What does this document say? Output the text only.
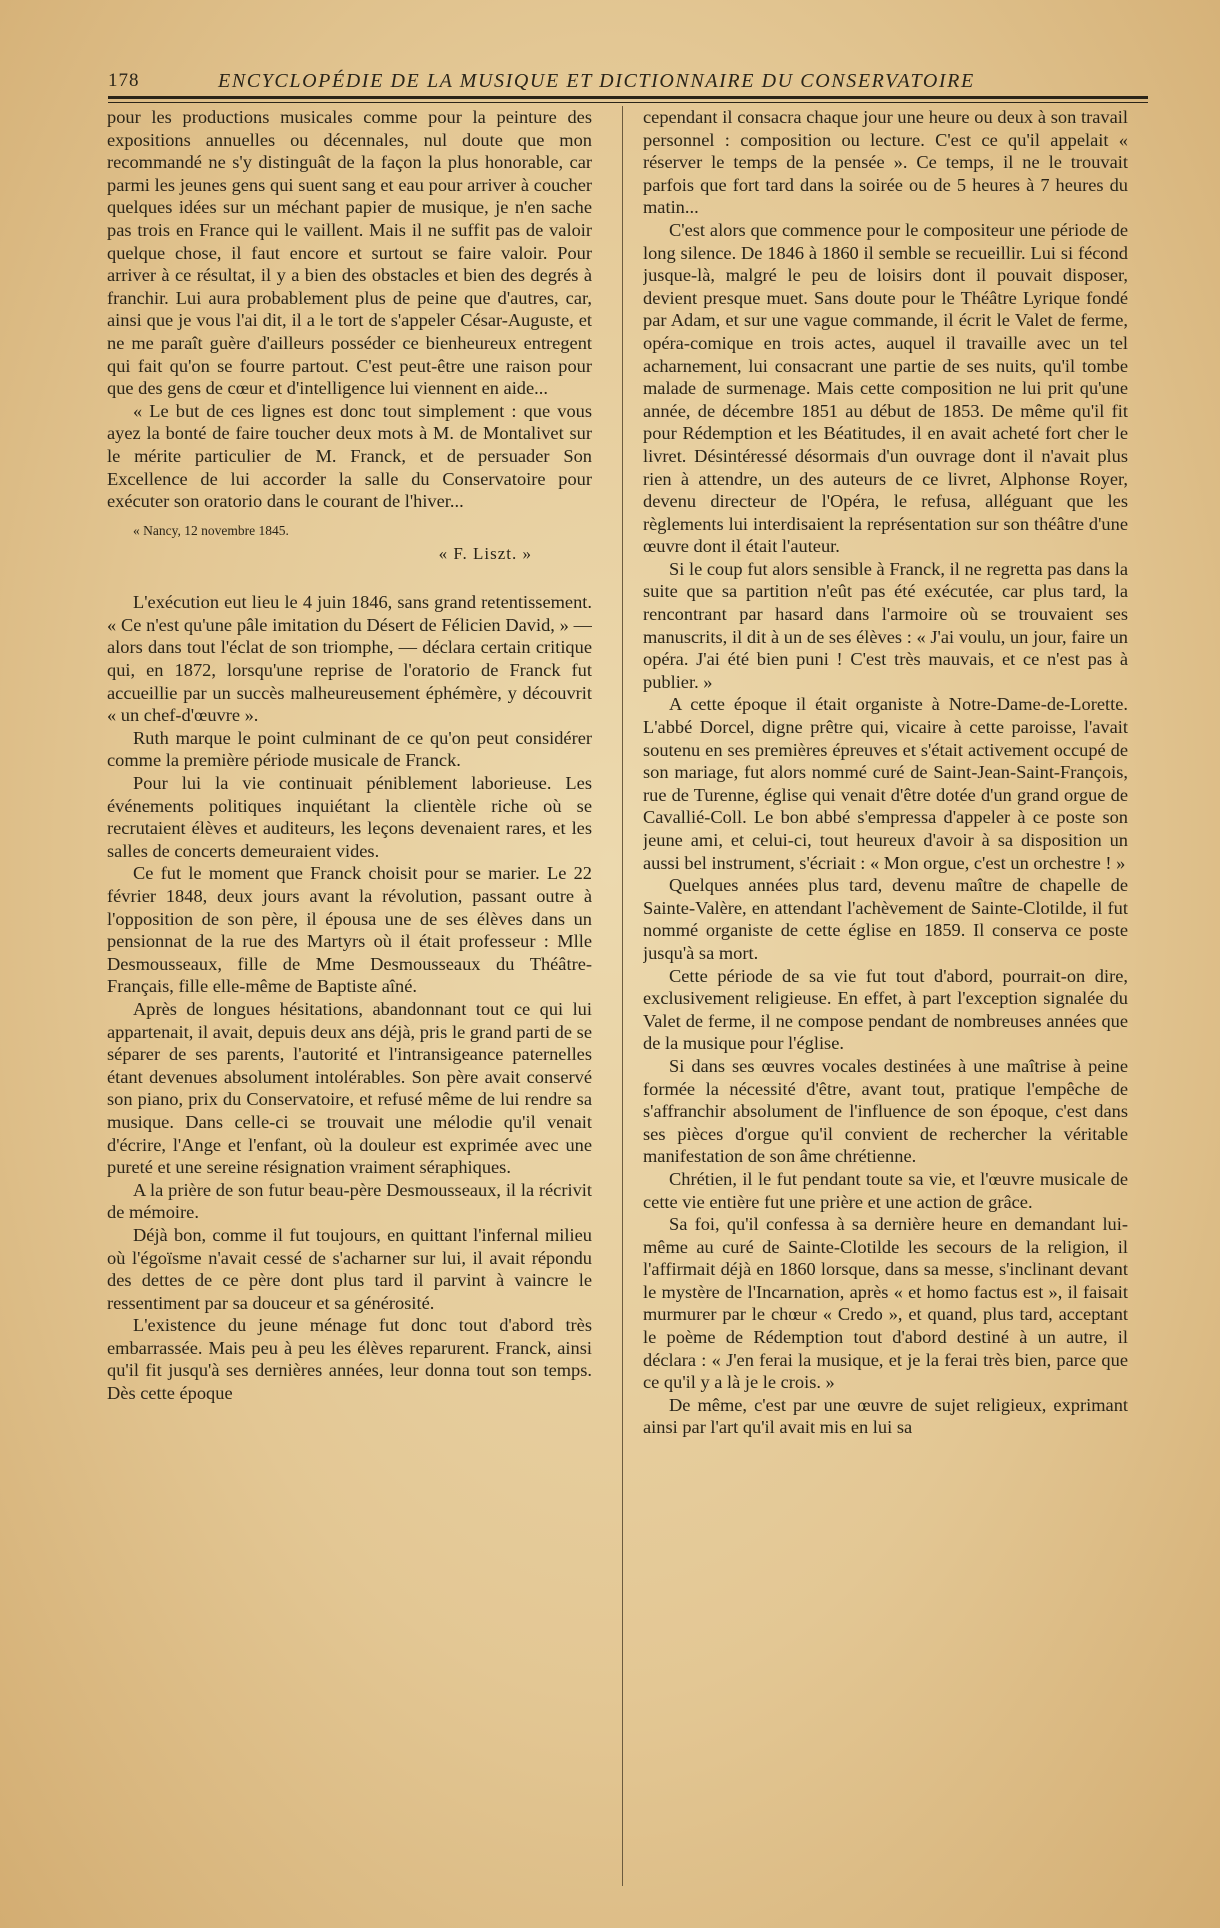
178	ENCYCLOPÉDIE DE LA MUSIQUE ET DICTIONNAIRE DU CONSERVATOIRE

pour les productions musicales comme pour la peinture des expositions annuelles ou décennales, nul doute que mon recommandé ne s'y distinguât de la façon la plus honorable, car parmi les jeunes gens qui suent sang et eau pour arriver à coucher quelques idées sur un méchant papier de musique, je n'en sache pas trois en France qui le vaillent. Mais il ne suffit pas de valoir quelque chose, il faut encore et surtout se faire valoir. Pour arriver à ce résultat, il y a bien des obstacles et bien des degrés à franchir. Lui aura probablement plus de peine que d'autres, car, ainsi que je vous l'ai dit, il a le tort de s'appeler César-Auguste, et ne me paraît guère d'ailleurs posséder ce bienheureux entregent qui fait qu'on se fourre partout. C'est peut-être une raison pour que des gens de cœur et d'intelligence lui viennent en aide...

« Le but de ces lignes est donc tout simplement : que vous ayez la bonté de faire toucher deux mots à M. de Montalivet sur le mérite particulier de M. Franck, et de persuader Son Excellence de lui accorder la salle du Conservatoire pour exécuter son oratorio dans le courant de l'hiver...

« Nancy, 12 novembre 1845.

« F. Liszt. »

L'exécution eut lieu le 4 juin 1846, sans grand retentissement. « Ce n'est qu'une pâle imitation du Désert de Félicien David, » — alors dans tout l'éclat de son triomphe, — déclara certain critique qui, en 1872, lorsqu'une reprise de l'oratorio de Franck fut accueillie par un succès malheureusement éphémère, y découvrit « un chef-d'œuvre ».

Ruth marque le point culminant de ce qu'on peut considérer comme la première période musicale de Franck.

Pour lui la vie continuait péniblement laborieuse. Les événements politiques inquiétant la clientèle riche où se recrutaient élèves et auditeurs, les leçons devenaient rares, et les salles de concerts demeuraient vides.

Ce fut le moment que Franck choisit pour se marier. Le 22 février 1848, deux jours avant la révolution, passant outre à l'opposition de son père, il épousa une de ses élèves dans un pensionnat de la rue des Martyrs où il était professeur : Mlle Desmousseaux, fille de Mme Desmousseaux du Théâtre-Français, fille elle-même de Baptiste aîné.

Après de longues hésitations, abandonnant tout ce qui lui appartenait, il avait, depuis deux ans déjà, pris le grand parti de se séparer de ses parents, l'autorité et l'intransigeance paternelles étant devenues absolument intolérables. Son père avait conservé son piano, prix du Conservatoire, et refusé même de lui rendre sa musique. Dans celle-ci se trouvait une mélodie qu'il venait d'écrire, l'Ange et l'enfant, où la douleur est exprimée avec une pureté et une sereine résignation vraiment séraphiques.

A la prière de son futur beau-père Desmousseaux, il la récrivit de mémoire.

Déjà bon, comme il fut toujours, en quittant l'infernal milieu où l'égoïsme n'avait cessé de s'acharner sur lui, il avait répondu des dettes de ce père dont plus tard il parvint à vaincre le ressentiment par sa douceur et sa générosité.

L'existence du jeune ménage fut donc tout d'abord très embarrassée. Mais peu à peu les élèves reparurent. Franck, ainsi qu'il fit jusqu'à ses dernières années, leur donna tout son temps. Dès cette époque

cependant il consacra chaque jour une heure ou deux à son travail personnel : composition ou lecture. C'est ce qu'il appelait « réserver le temps de la pensée ». Ce temps, il ne le trouvait parfois que fort tard dans la soirée ou de 5 heures à 7 heures du matin...

C'est alors que commence pour le compositeur une période de long silence. De 1846 à 1860 il semble se recueillir. Lui si fécond jusque-là, malgré le peu de loisirs dont il pouvait disposer, devient presque muet. Sans doute pour le Théâtre Lyrique fondé par Adam, et sur une vague commande, il écrit le Valet de ferme, opéra-comique en trois actes, auquel il travaille avec un tel acharnement, lui consacrant une partie de ses nuits, qu'il tombe malade de surmenage. Mais cette composition ne lui prit qu'une année, de décembre 1851 au début de 1853. De même qu'il fit pour Rédemption et les Béatitudes, il en avait acheté fort cher le livret. Désintéressé désormais d'un ouvrage dont il n'avait plus rien à attendre, un des auteurs de ce livret, Alphonse Royer, devenu directeur de l'Opéra, le refusa, alléguant que les règlements lui interdisaient la représentation sur son théâtre d'une œuvre dont il était l'auteur.

Si le coup fut alors sensible à Franck, il ne regretta pas dans la suite que sa partition n'eût pas été exécutée, car plus tard, la rencontrant par hasard dans l'armoire où se trouvaient ses manuscrits, il dit à un de ses élèves : « J'ai voulu, un jour, faire un opéra. J'ai été bien puni ! C'est très mauvais, et ce n'est pas à publier. »

A cette époque il était organiste à Notre-Dame-de-Lorette. L'abbé Dorcel, digne prêtre qui, vicaire à cette paroisse, l'avait soutenu en ses premières épreuves et s'était activement occupé de son mariage, fut alors nommé curé de Saint-Jean-Saint-François, rue de Turenne, église qui venait d'être dotée d'un grand orgue de Cavallié-Coll. Le bon abbé s'empressa d'appeler à ce poste son jeune ami, et celui-ci, tout heureux d'avoir à sa disposition un aussi bel instrument, s'écriait : « Mon orgue, c'est un orchestre ! »

Quelques années plus tard, devenu maître de chapelle de Sainte-Valère, en attendant l'achèvement de Sainte-Clotilde, il fut nommé organiste de cette église en 1859. Il conserva ce poste jusqu'à sa mort.

Cette période de sa vie fut tout d'abord, pourrait-on dire, exclusivement religieuse. En effet, à part l'exception signalée du Valet de ferme, il ne compose pendant de nombreuses années que de la musique pour l'église.

Si dans ses œuvres vocales destinées à une maîtrise à peine formée la nécessité d'être, avant tout, pratique l'empêche de s'affranchir absolument de l'influence de son époque, c'est dans ses pièces d'orgue qu'il convient de rechercher la véritable manifestation de son âme chrétienne.

Chrétien, il le fut pendant toute sa vie, et l'œuvre musicale de cette vie entière fut une prière et une action de grâce.

Sa foi, qu'il confessa à sa dernière heure en demandant lui-même au curé de Sainte-Clotilde les secours de la religion, il l'affirmait déjà en 1860 lorsque, dans sa messe, s'inclinant devant le mystère de l'Incarnation, après « et homo factus est », il faisait murmurer par le chœur « Credo », et quand, plus tard, acceptant le poème de Rédemption tout d'abord destiné à un autre, il déclara : « J'en ferai la musique, et je la ferai très bien, parce que ce qu'il y a là je le crois. »

De même, c'est par une œuvre de sujet religieux, exprimant ainsi par l'art qu'il avait mis en lui sa
